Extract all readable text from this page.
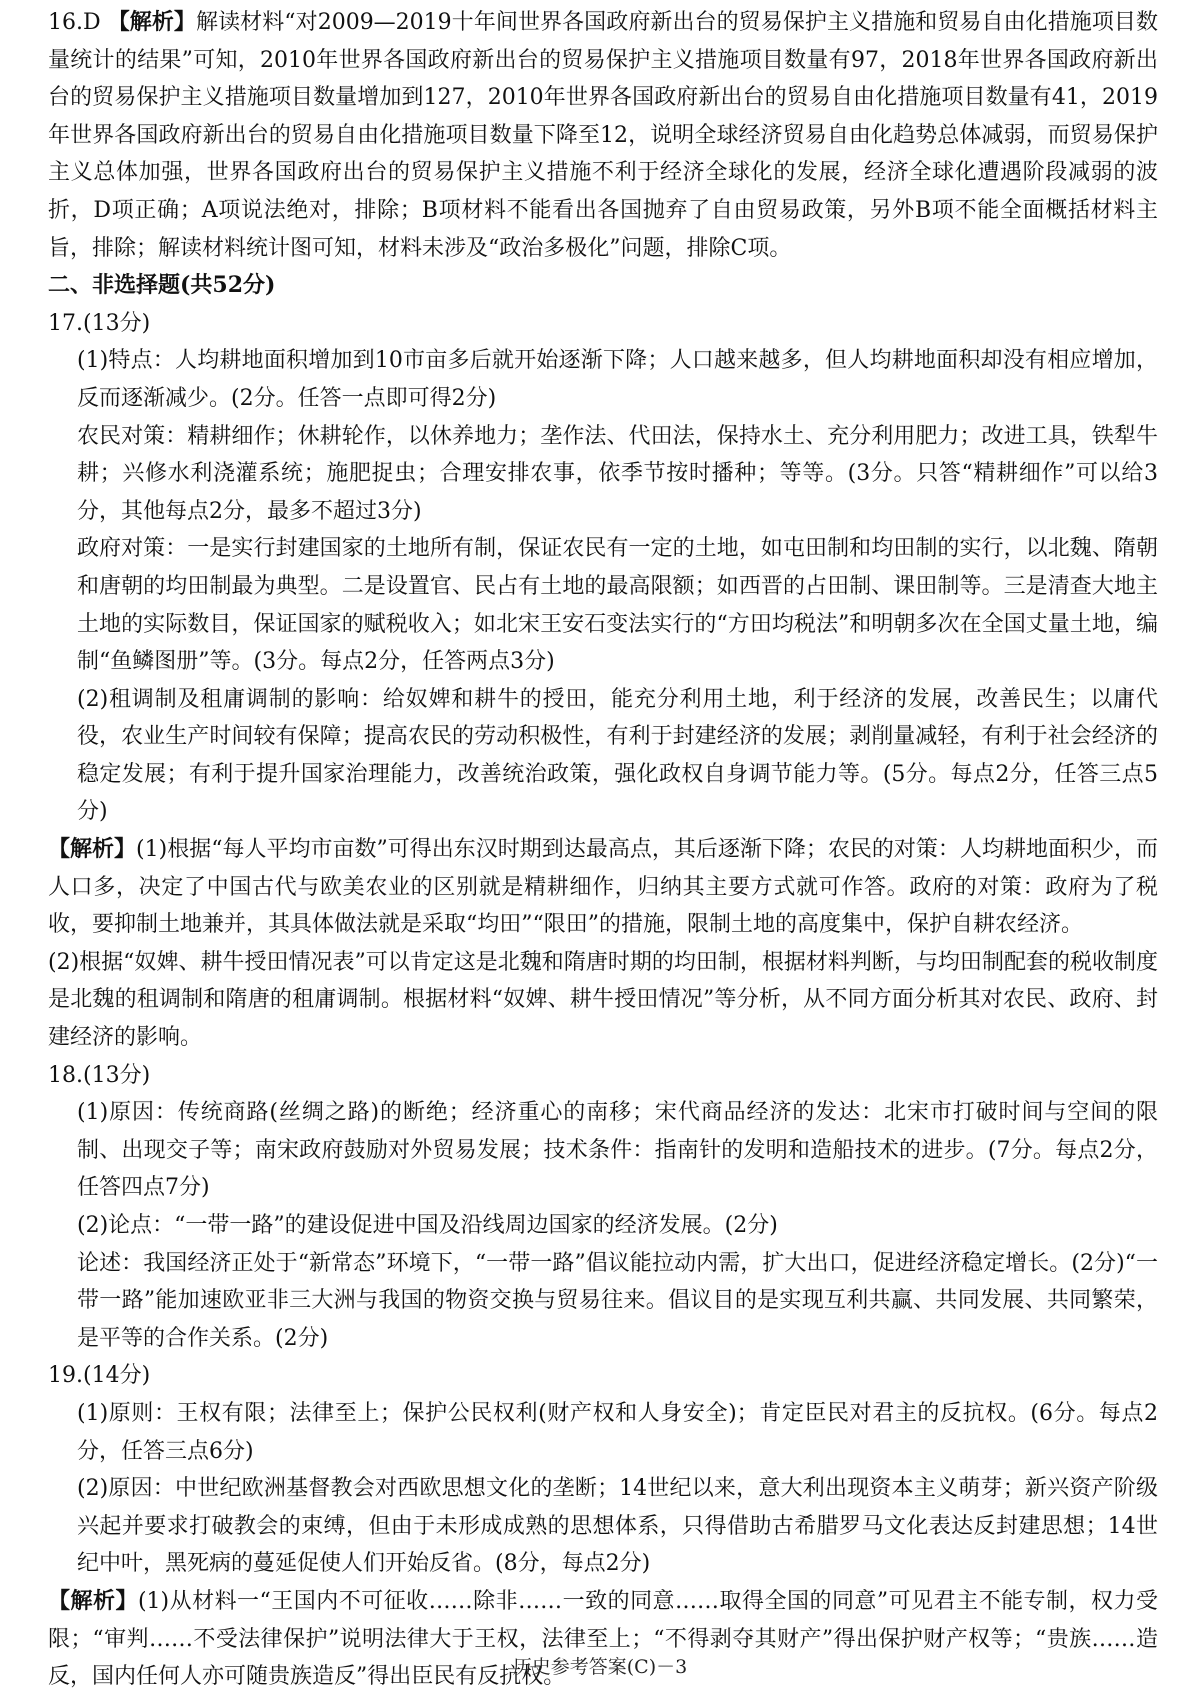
16.D 【解析】解读材料“对2009—2019十年间世界各国政府新出台的贸易保护主义措施和贸易自由化措施项目数量统计的结果”可知，2010年世界各国政府新出台的贸易保护主义措施项目数量有97，2018年世界各国政府新出台的贸易保护主义措施项目数量增加到127，2010年世界各国政府新出台的贸易自由化措施项目数量有41，2019年世界各国政府新出台的贸易自由化措施项目数量下降至12，说明全球经济贸易自由化趋势总体减弱，而贸易保护主义总体加强，世界各国政府出台的贸易保护主义措施不利于经济全球化的发展，经济全球化遭遇阶段减弱的波折，D项正确；A项说法绝对，排除；B项材料不能看出各国抛弃了自由贸易政策，另外B项不能全面概括材料主旨，排除；解读材料统计图可知，材料未涉及“政治多极化”问题，排除C项。

二、非选择题(共52分)

17.(13分)

(1)特点：人均耕地面积增加到10市亩多后就开始逐渐下降；人口越来越多，但人均耕地面积却没有相应增加，反而逐渐减少。(2分。任答一点即可得2分)

农民对策：精耕细作；休耕轮作，以休养地力；垄作法、代田法，保持水土、充分利用肥力；改进工具，铁犁牛耕；兴修水利浇灌系统；施肥捉虫；合理安排农事，依季节按时播种；等等。(3分。只答“精耕细作”可以给3分，其他每点2分，最多不超过3分)

政府对策：一是实行封建国家的土地所有制，保证农民有一定的土地，如屯田制和均田制的实行，以北魏、隋朝和唐朝的均田制最为典型。二是设置官、民占有土地的最高限额；如西晋的占田制、课田制等。三是清查大地主土地的实际数目，保证国家的赋税收入；如北宋王安石变法实行的“方田均税法”和明朝多次在全国丈量土地，编制“鱼鳞图册”等。(3分。每点2分，任答两点3分)

(2)租调制及租庸调制的影响：给奴婢和耕牛的授田，能充分利用土地，利于经济的发展，改善民生；以庸代役，农业生产时间较有保障；提高农民的劳动积极性，有利于封建经济的发展；剥削量减轻，有利于社会经济的稳定发展；有利于提升国家治理能力，改善统治政策，强化政权自身调节能力等。(5分。每点2分，任答三点5分)

【解析】(1)根据“每人平均市亩数”可得出东汉时期到达最高点，其后逐渐下降；农民的对策：人均耕地面积少，而人口多，决定了中国古代与欧美农业的区别就是精耕细作，归纳其主要方式就可作答。政府的对策：政府为了税收，要抑制土地兼并，其具体做法就是采取“均田”“限田”的措施，限制土地的高度集中，保护自耕农经济。

(2)根据“奴婢、耕牛授田情况表”可以肯定这是北魏和隋唐时期的均田制，根据材料判断，与均田制配套的税收制度是北魏的租调制和隋唐的租庸调制。根据材料“奴婢、耕牛授田情况”等分析，从不同方面分析其对农民、政府、封建经济的影响。

18.(13分)

(1)原因：传统商路(丝绸之路)的断绝；经济重心的南移；宋代商品经济的发达：北宋市打破时间与空间的限制、出现交子等；南宋政府鼓励对外贸易发展；技术条件：指南针的发明和造船技术的进步。(7分。每点2分，任答四点7分)

(2)论点：“一带一路”的建设促进中国及沿线周边国家的经济发展。(2分)

论述：我国经济正处于“新常态”环境下，“一带一路”倡议能拉动内需，扩大出口，促进经济稳定增长。(2分)“一带一路”能加速欧亚非三大洲与我国的物资交换与贸易往来。倡议目的是实现互利共赢、共同发展、共同繁荣，是平等的合作关系。(2分)

19.(14分)

(1)原则：王权有限；法律至上；保护公民权利(财产权和人身安全)；肯定臣民对君主的反抗权。(6分。每点2分，任答三点6分)

(2)原因：中世纪欧洲基督教会对西欧思想文化的垄断；14世纪以来，意大利出现资本主义萌芽；新兴资产阶级兴起并要求打破教会的束缚，但由于未形成成熟的思想体系，只得借助古希腊罗马文化表达反封建思想；14世纪中叶，黑死病的蔓延促使人们开始反省。(8分，每点2分)

【解析】(1)从材料一“王国内不可征收……除非……一致的同意……取得全国的同意”可见君主不能专制，权力受限；“审判……不受法律保护”说明法律大于王权，法律至上；“不得剥夺其财产”得出保护财产权等；“贵族……造反，国内任何人亦可随贵族造反”得出臣民有反抗权。

历史参考答案(C)－3
